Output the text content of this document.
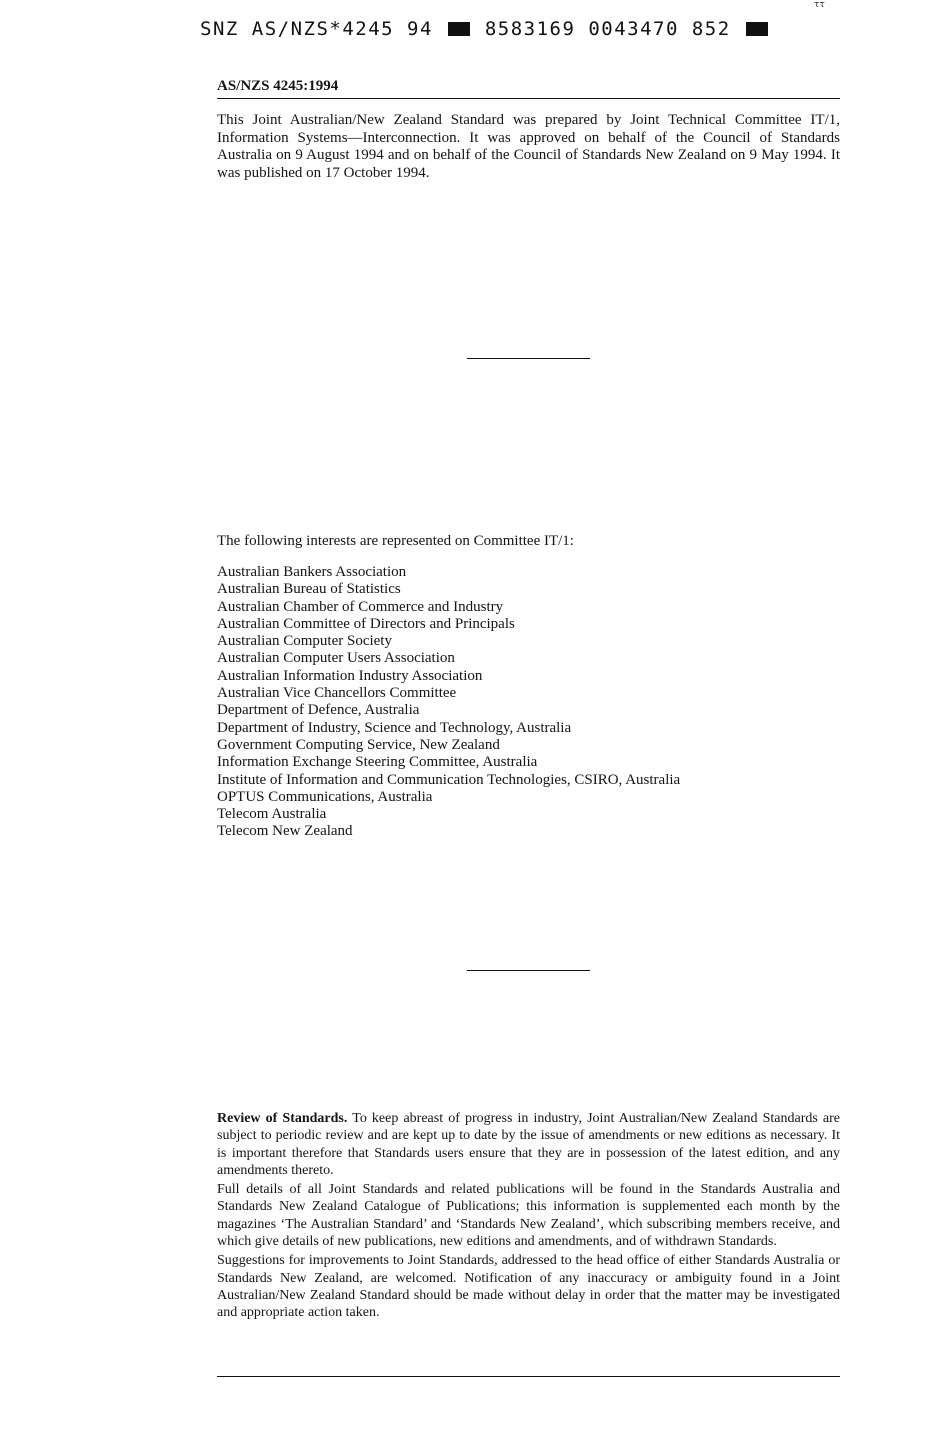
ττ
SNZ AS/NZS*4245 94	8583169 0043470 852
AS/NZS 4245:1994

This Joint Australian/New Zealand Standard was prepared by Joint Technical Committee IT/1, Information Systems—Interconnection. It was approved on behalf of the Council of Standards Australia on 9 August 1994 and on behalf of the Council of Standards New Zealand on 9 May 1994. It was published on 17 October 1994.

The following interests are represented on Committee IT/1:

Australian Bankers Association
Australian Bureau of Statistics
Australian Chamber of Commerce and Industry
Australian Committee of Directors and Principals
Australian Computer Society
Australian Computer Users Association
Australian Information Industry Association
Australian Vice Chancellors Committee
Department of Defence, Australia
Department of Industry, Science and Technology, Australia
Government Computing Service, New Zealand
Information Exchange Steering Committee, Australia
Institute of Information and Communication Technologies, CSIRO, Australia
OPTUS Communications, Australia
Telecom Australia
Telecom New Zealand

Review of Standards. To keep abreast of progress in industry, Joint Australian/New Zealand Standards are subject to periodic review and are kept up to date by the issue of amendments or new editions as necessary. It is important therefore that Standards users ensure that they are in possession of the latest edition, and any amendments thereto.

Full details of all Joint Standards and related publications will be found in the Standards Australia and Standards New Zealand Catalogue of Publications; this information is supplemented each month by the magazines ‘The Australian Standard’ and ‘Standards New Zealand’, which subscribing members receive, and which give details of new publications, new editions and amendments, and of withdrawn Standards.

Suggestions for improvements to Joint Standards, addressed to the head office of either Standards Australia or Standards New Zealand, are welcomed. Notification of any inaccuracy or ambiguity found in a Joint Australian/New Zealand Standard should be made without delay in order that the matter may be investigated and appropriate action taken.
